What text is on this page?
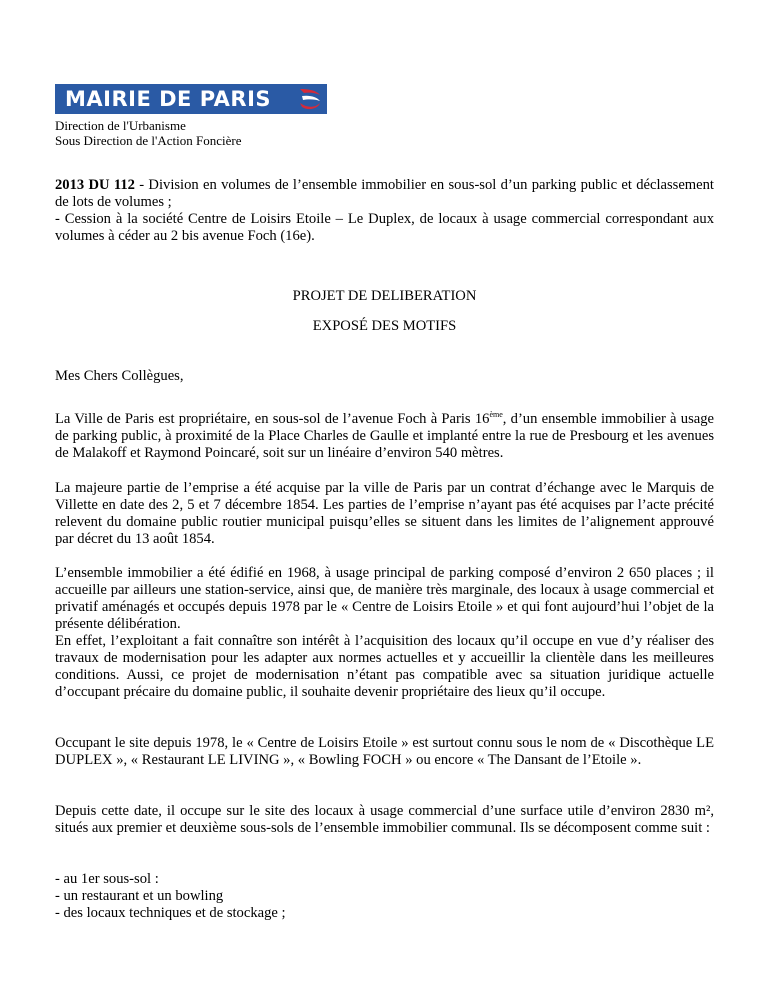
MAIRIE DE PARIS
Direction de l'Urbanisme
Sous Direction de l'Action Foncière
2013 DU 112 - Division en volumes de l’ensemble immobilier en sous-sol d’un parking public et déclassement de lots de volumes ;
- Cession à la société Centre de Loisirs Etoile – Le Duplex, de locaux à usage commercial correspondant aux volumes à céder au 2 bis avenue Foch (16e).
PROJET DE DELIBERATION
EXPOSÉ DES MOTIFS
Mes Chers Collègues,
La Ville de Paris est propriétaire, en sous-sol de l’avenue Foch à Paris 16ème, d’un ensemble immobilier à usage de parking public, à proximité de la Place Charles de Gaulle et implanté entre la rue de Presbourg et les avenues de Malakoff et Raymond Poincaré, soit sur un linéaire d’environ 540 mètres.
La majeure partie de l’emprise a été acquise par la ville de Paris par un contrat d’échange avec le Marquis de Villette en date des 2, 5 et 7 décembre 1854. Les parties de l’emprise n’ayant pas été acquises par l’acte précité relevent du domaine public routier municipal puisqu’elles se situent dans les limites de l’alignement approuvé par décret du 13 août 1854.
L’ensemble immobilier a été édifié en 1968, à usage principal de parking composé d’environ 2 650 places ; il accueille par ailleurs une station-service, ainsi que, de manière très marginale, des locaux à usage commercial et privatif aménagés et occupés depuis 1978 par le « Centre de Loisirs Etoile » et qui font aujourd’hui l’objet de la présente délibération.
En effet, l’exploitant a fait connaître son intérêt à l’acquisition des locaux qu’il occupe en vue d’y réaliser des travaux de modernisation pour les adapter aux normes actuelles et y accueillir la clientèle dans les meilleures conditions. Aussi, ce projet de modernisation n’étant pas compatible avec sa situation juridique actuelle d’occupant précaire du domaine public, il souhaite devenir propriétaire des lieux qu’il occupe.
Occupant le site depuis 1978, le « Centre de Loisirs Etoile » est surtout connu sous le nom de « Discothèque LE DUPLEX », « Restaurant LE LIVING », « Bowling FOCH » ou encore « The Dansant de l’Etoile ».
Depuis cette date, il occupe sur le site des locaux à usage commercial d’une surface utile d’environ 2830 m², situés aux premier et deuxième sous-sols de l’ensemble immobilier communal. Ils se décomposent comme suit :
- au 1er sous-sol :
- un restaurant et un bowling
- des locaux techniques et de stockage ;
